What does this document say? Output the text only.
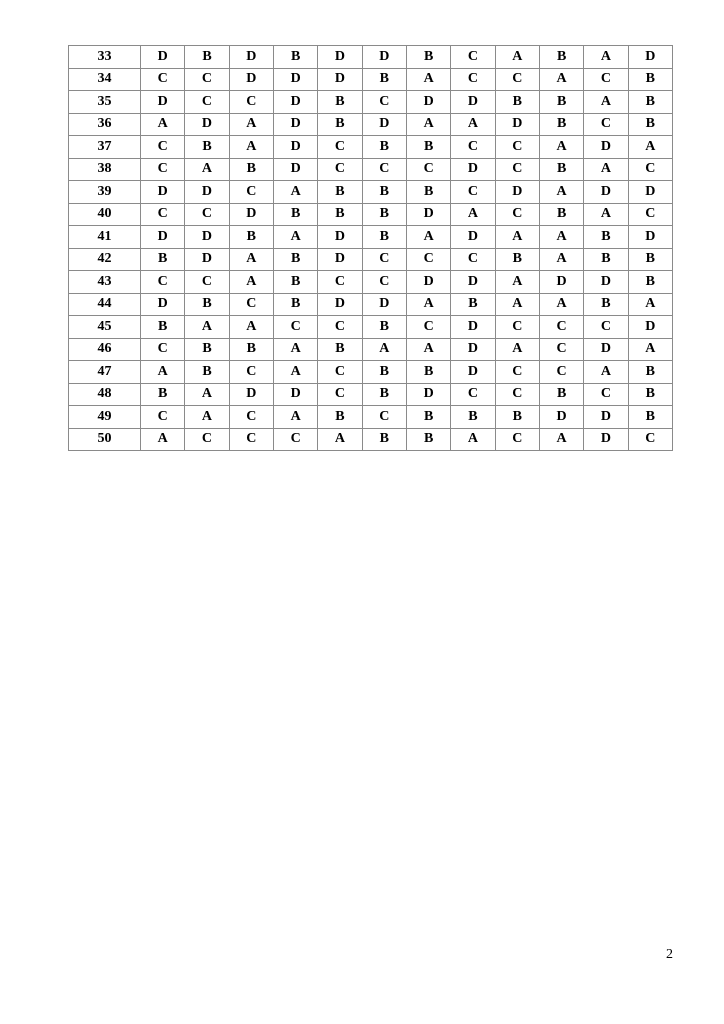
33	D	B	D	B	D	D	B	C	A	B	A	D
34	C	C	D	D	D	B	A	C	C	A	C	B
35	D	C	C	D	B	C	D	D	B	B	A	B
36	A	D	A	D	B	D	A	A	D	B	C	B
37	C	B	A	D	C	B	B	C	C	A	D	A
38	C	A	B	D	C	C	C	D	C	B	A	C
39	D	D	C	A	B	B	B	C	D	A	D	D
40	C	C	D	B	B	B	D	A	C	B	A	C
41	D	D	B	A	D	B	A	D	A	A	B	D
42	B	D	A	B	D	C	C	C	B	A	B	B
43	C	C	A	B	C	C	D	D	A	D	D	B
44	D	B	C	B	D	D	A	B	A	A	B	A
45	B	A	A	C	C	B	C	D	C	C	C	D
46	C	B	B	A	B	A	A	D	A	C	D	A
47	A	B	C	A	C	B	B	D	C	C	A	B
48	B	A	D	D	C	B	D	C	C	B	C	B
49	C	A	C	A	B	C	B	B	B	D	D	B
50	A	C	C	C	A	B	B	A	C	A	D	C
2
